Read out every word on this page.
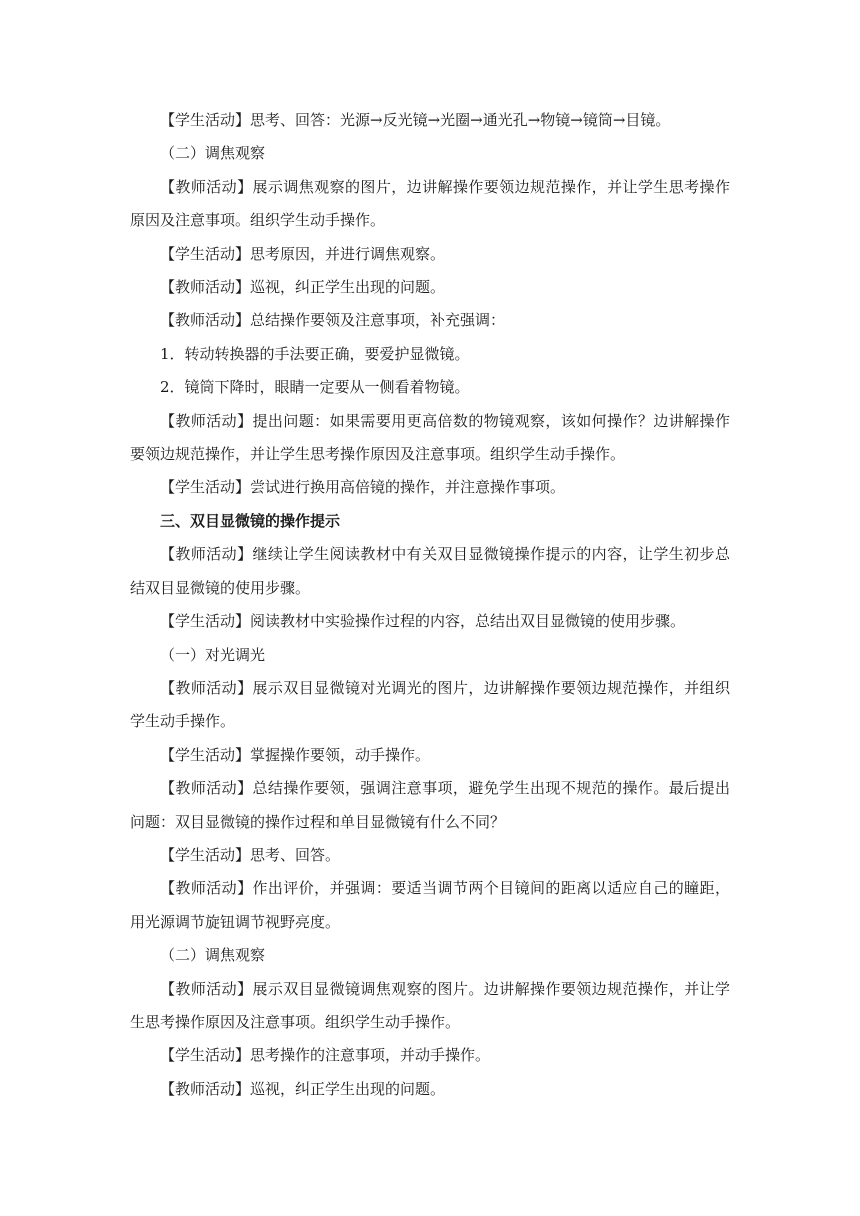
【学生活动】思考、回答：光源→反光镜→光圈→通光孔→物镜→镜筒→目镜。

（二）调焦观察

【教师活动】展示调焦观察的图片，边讲解操作要领边规范操作，并让学生思考操作原因及注意事项。组织学生动手操作。

【学生活动】思考原因，并进行调焦观察。

【教师活动】巡视，纠正学生出现的问题。

【教师活动】总结操作要领及注意事项，补充强调：

1．转动转换器的手法要正确，要爱护显微镜。

2．镜筒下降时，眼睛一定要从一侧看着物镜。

【教师活动】提出问题：如果需要用更高倍数的物镜观察，该如何操作？边讲解操作要领边规范操作，并让学生思考操作原因及注意事项。组织学生动手操作。

【学生活动】尝试进行换用高倍镜的操作，并注意操作事项。

三、双目显微镜的操作提示

【教师活动】继续让学生阅读教材中有关双目显微镜操作提示的内容，让学生初步总结双目显微镜的使用步骤。

【学生活动】阅读教材中实验操作过程的内容，总结出双目显微镜的使用步骤。

（一）对光调光

【教师活动】展示双目显微镜对光调光的图片，边讲解操作要领边规范操作，并组织学生动手操作。

【学生活动】掌握操作要领，动手操作。

【教师活动】总结操作要领，强调注意事项，避免学生出现不规范的操作。最后提出问题：双目显微镜的操作过程和单目显微镜有什么不同？

【学生活动】思考、回答。

【教师活动】作出评价，并强调：要适当调节两个目镜间的距离以适应自己的瞳距，用光源调节旋钮调节视野亮度。

（二）调焦观察

【教师活动】展示双目显微镜调焦观察的图片。边讲解操作要领边规范操作，并让学生思考操作原因及注意事项。组织学生动手操作。

【学生活动】思考操作的注意事项，并动手操作。

【教师活动】巡视，纠正学生出现的问题。
